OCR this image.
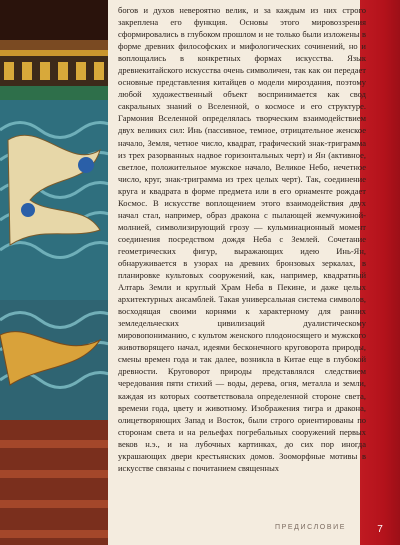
богов и духов невероятно велик, и за каждым из них строго закреплена его функция. Основы этого мировоззрения сформировались в глубоком прошлом и не только были изложены в форме древних философских и мифологических сочинений, но и воплощались в конкретных формах искусства. Язык древнекитайского искусства очень символичен, так как он передает основные представления китайцев о модели мироздания, поэтому любой художественный объект воспринимается как свод сакральных знаний о Вселенной, о космосе и его структуре. Гармония Вселенной определялась творческим взаимодействием двух великих сил: Инь (пассивное, темное, отрицательное женское начало, Земля, четное число, квадрат, графический знак-триграмма из трех разорванных надвое горизонтальных черт) и Ян (активное, светлое, положительное мужское начало, Великое Небо, нечетное число, круг, знак-триграмма из трех целых черт). Так, соединение круга и квадрата в форме предмета или в его орнаменте рождает Космос. В искусстве воплощением этого взаимодействия двух начал стал, например, образ дракона с пылающей жемчужиной-молнией, символизирующий грозу — кульминационный момент соединения посредством дождя Неба с Землей. Сочетание геометрических фигур, выражающих идею Инь-Ян, обнаруживается в узорах на древних бронзовых зеркалах, в планировке культовых сооружений, как, например, квадратный Алтарь Земли и круглый Храм Неба в Пекине, и даже целых архитектурных ансамблей. Такая универсальная система символов, восходящая своими корнями к характерному для ранних земледельческих цивилизаций дуалистическому мировопониманию, с культом женского плодоносящего и мужского животворящего начал, идеями бесконечного круговорота природы, смены времен года и так далее, возникла в Китае еще в глубокой древности. Круговорот природы представлялся следствием чередования пяти стихий — воды, дерева, огня, металла и земли, каждая из которых соответствовала определенной стороне света, времени года, цвету и животному. Изображения тигра и дракона, олицетворяющих Запад и Восток, были строго ориентированы по сторонам света и на рельефах погребальных сооружений первых веков н.э., и на лубочных картинках, до сих пор иногда украшающих двери крестьянских домов. Зооморфные мотивы в искусстве связаны с почитанием священных

ПРЕДИСЛОВИЕ	7
